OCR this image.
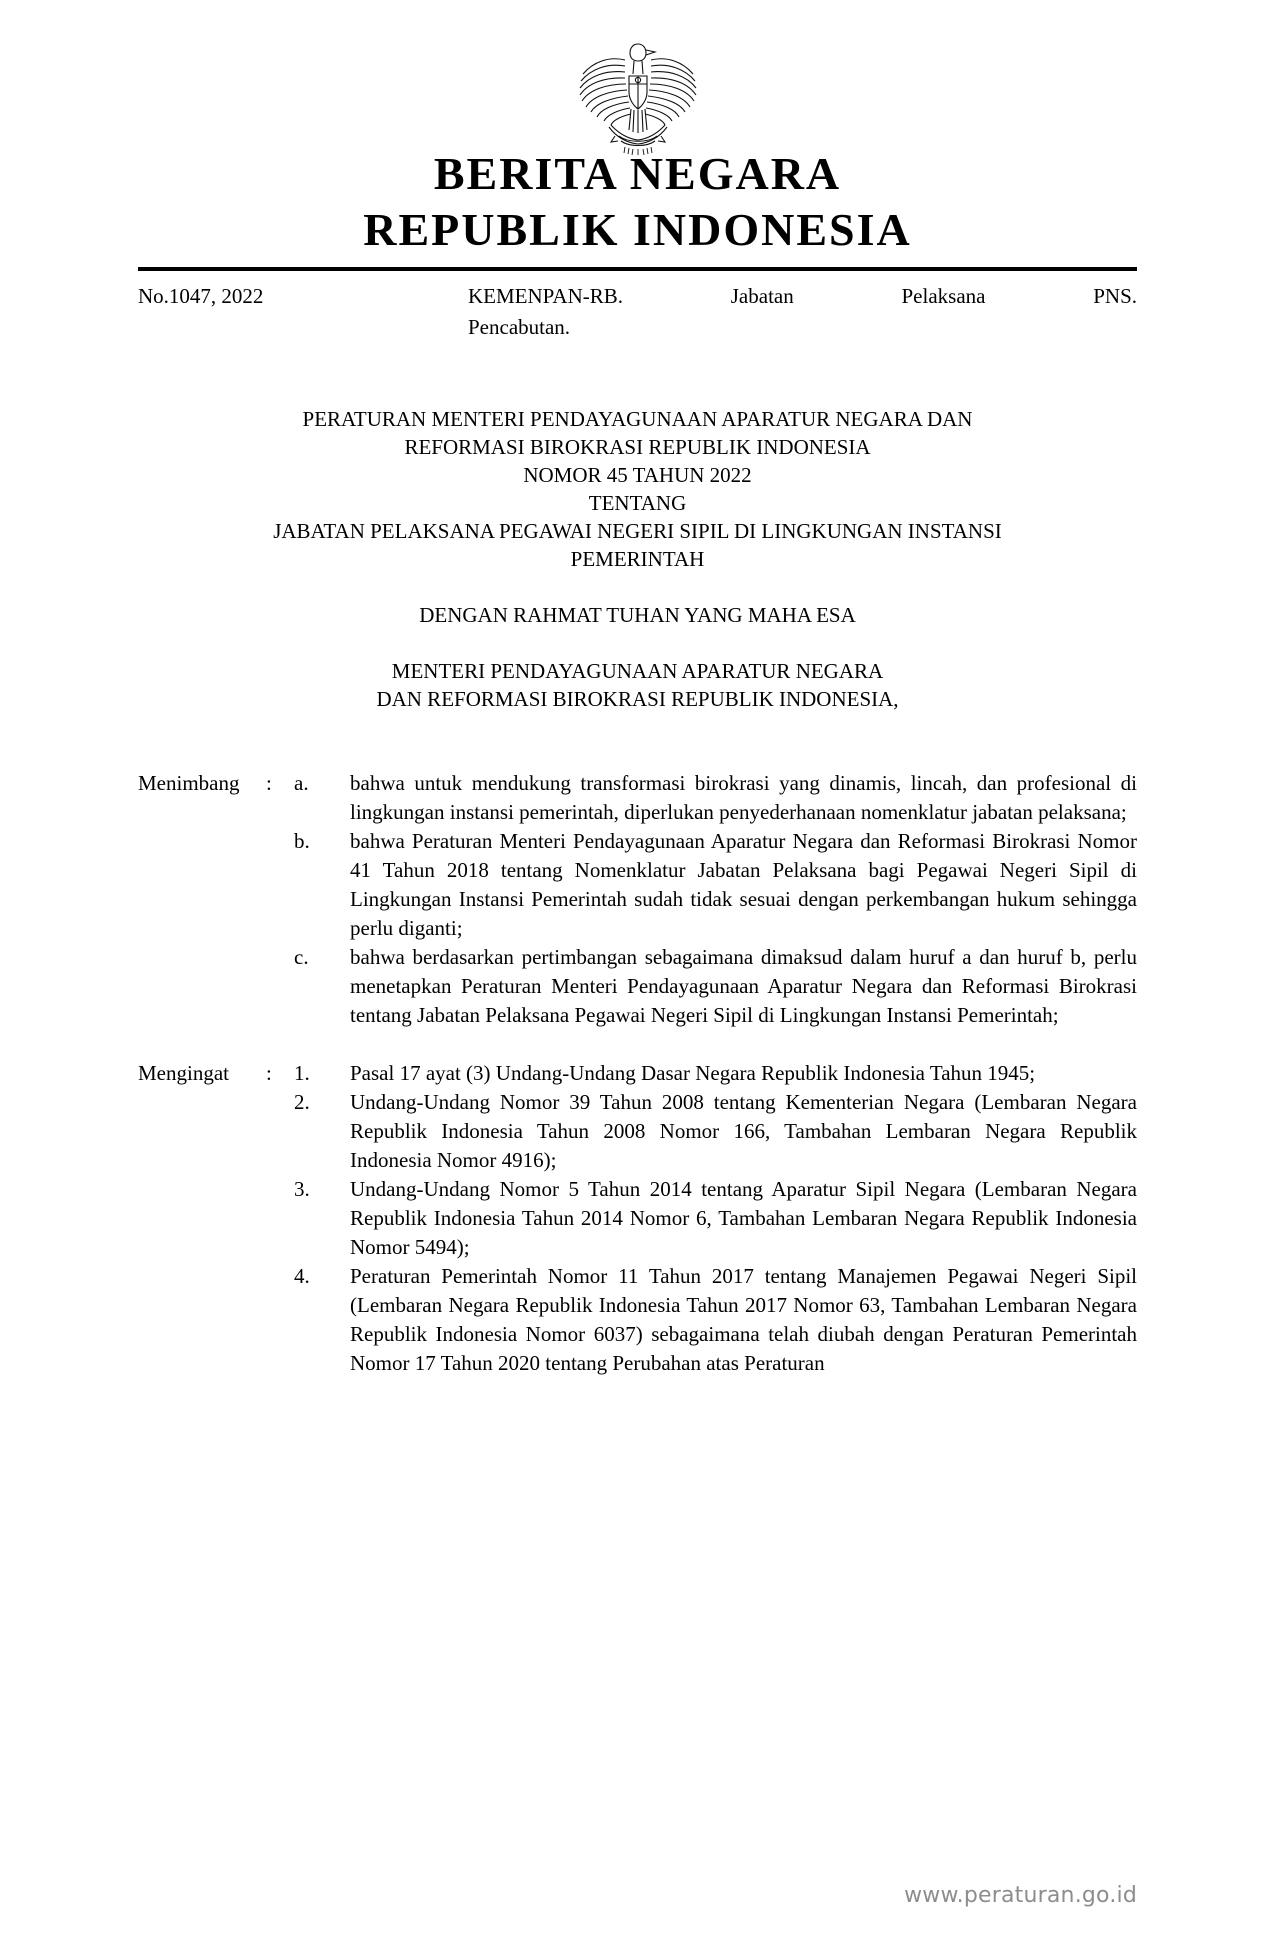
BERITA NEGARA
REPUBLIK INDONESIA
No.1047, 2022	KEMENPAN-RB. Jabatan Pelaksana PNS.
Pencabutan.
PERATURAN MENTERI PENDAYAGUNAAN APARATUR NEGARA DAN
REFORMASI BIROKRASI REPUBLIK INDONESIA
NOMOR 45 TAHUN 2022
TENTANG
JABATAN PELAKSANA PEGAWAI NEGERI SIPIL DI LINGKUNGAN INSTANSI
PEMERINTAH
DENGAN RAHMAT TUHAN YANG MAHA ESA
MENTERI PENDAYAGUNAAN APARATUR NEGARA
DAN REFORMASI BIROKRASI REPUBLIK INDONESIA,
Menimbang	:	a.	bahwa untuk mendukung transformasi birokrasi yang dinamis, lincah, dan profesional di lingkungan instansi pemerintah, diperlukan penyederhanaan nomenklatur jabatan pelaksana;
b.	bahwa Peraturan Menteri Pendayagunaan Aparatur Negara dan Reformasi Birokrasi Nomor 41 Tahun 2018 tentang Nomenklatur Jabatan Pelaksana bagi Pegawai Negeri Sipil di Lingkungan Instansi Pemerintah sudah tidak sesuai dengan perkembangan hukum sehingga perlu diganti;
c.	bahwa berdasarkan pertimbangan sebagaimana dimaksud dalam huruf a dan huruf b, perlu menetapkan Peraturan Menteri Pendayagunaan Aparatur Negara dan Reformasi Birokrasi tentang Jabatan Pelaksana Pegawai Negeri Sipil di Lingkungan Instansi Pemerintah;
Mengingat	:	1.	Pasal 17 ayat (3) Undang-Undang Dasar Negara Republik Indonesia Tahun 1945;
2.	Undang-Undang Nomor 39 Tahun 2008 tentang Kementerian Negara (Lembaran Negara Republik Indonesia Tahun 2008 Nomor 166, Tambahan Lembaran Negara Republik Indonesia Nomor 4916);
3.	Undang-Undang Nomor 5 Tahun 2014 tentang Aparatur Sipil Negara (Lembaran Negara Republik Indonesia Tahun 2014 Nomor 6, Tambahan Lembaran Negara Republik Indonesia Nomor 5494);
4.	Peraturan Pemerintah Nomor 11 Tahun 2017 tentang Manajemen Pegawai Negeri Sipil (Lembaran Negara Republik Indonesia Tahun 2017 Nomor 63, Tambahan Lembaran Negara Republik Indonesia Nomor 6037) sebagaimana telah diubah dengan Peraturan Pemerintah Nomor 17 Tahun 2020 tentang Perubahan atas Peraturan
www.peraturan.go.id
